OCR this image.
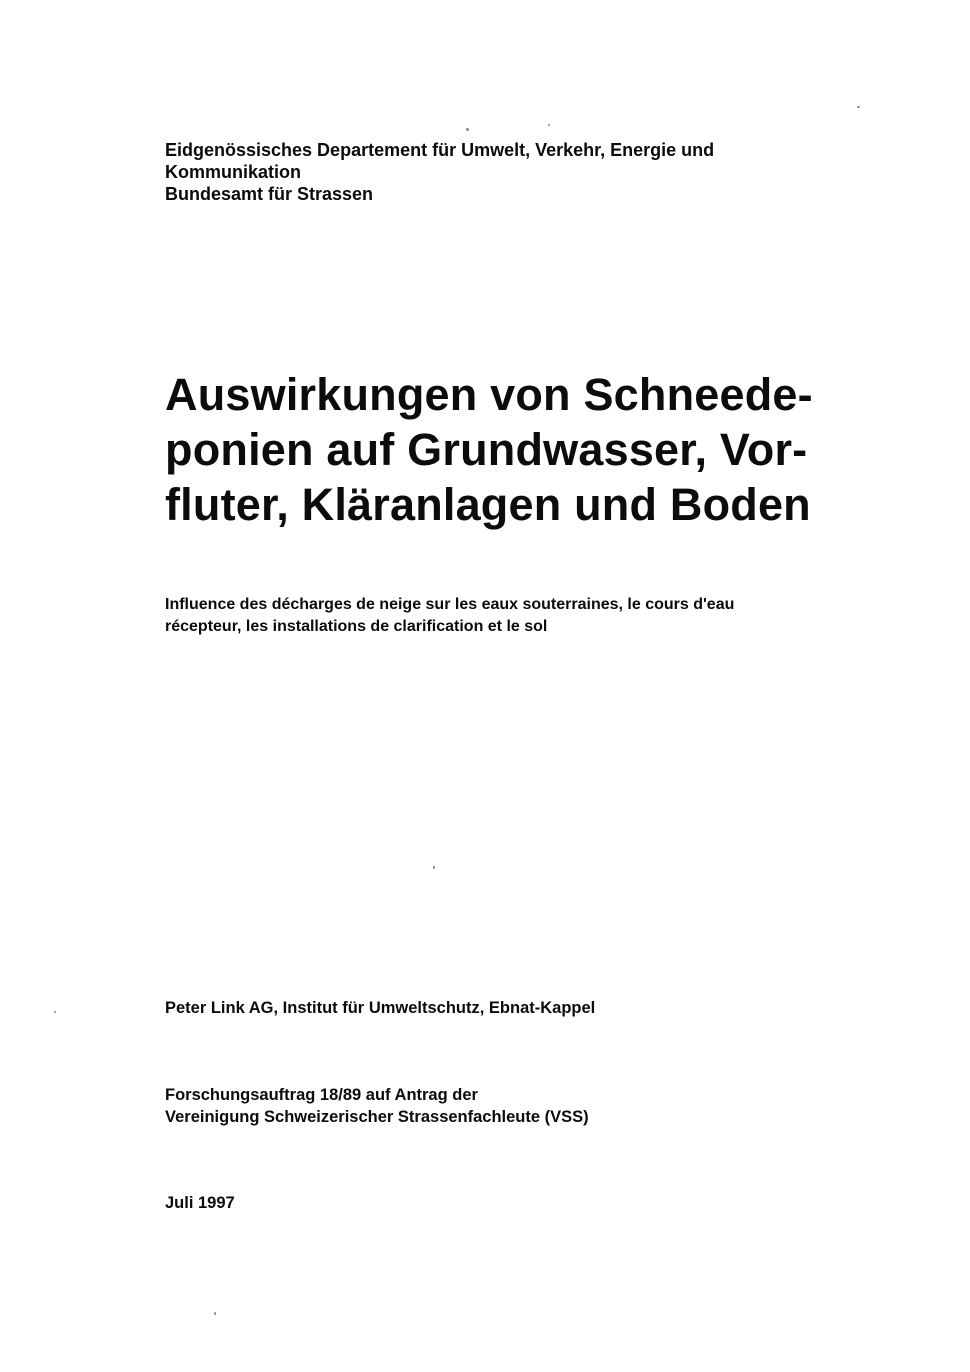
Eidgenössisches Departement für Umwelt, Verkehr, Energie und
Kommunikation
Bundesamt für Strassen
Auswirkungen von Schneede-
ponien auf Grundwasser, Vor-
fluter, Kläranlagen und Boden
Influence des décharges de neige sur les eaux souterraines, le cours d'eau
récepteur, les installations de clarification et le sol
Peter Link AG, Institut für Umweltschutz, Ebnat-Kappel
Forschungsauftrag 18/89 auf Antrag der
Vereinigung Schweizerischer Strassenfachleute (VSS)
Juli 1997
